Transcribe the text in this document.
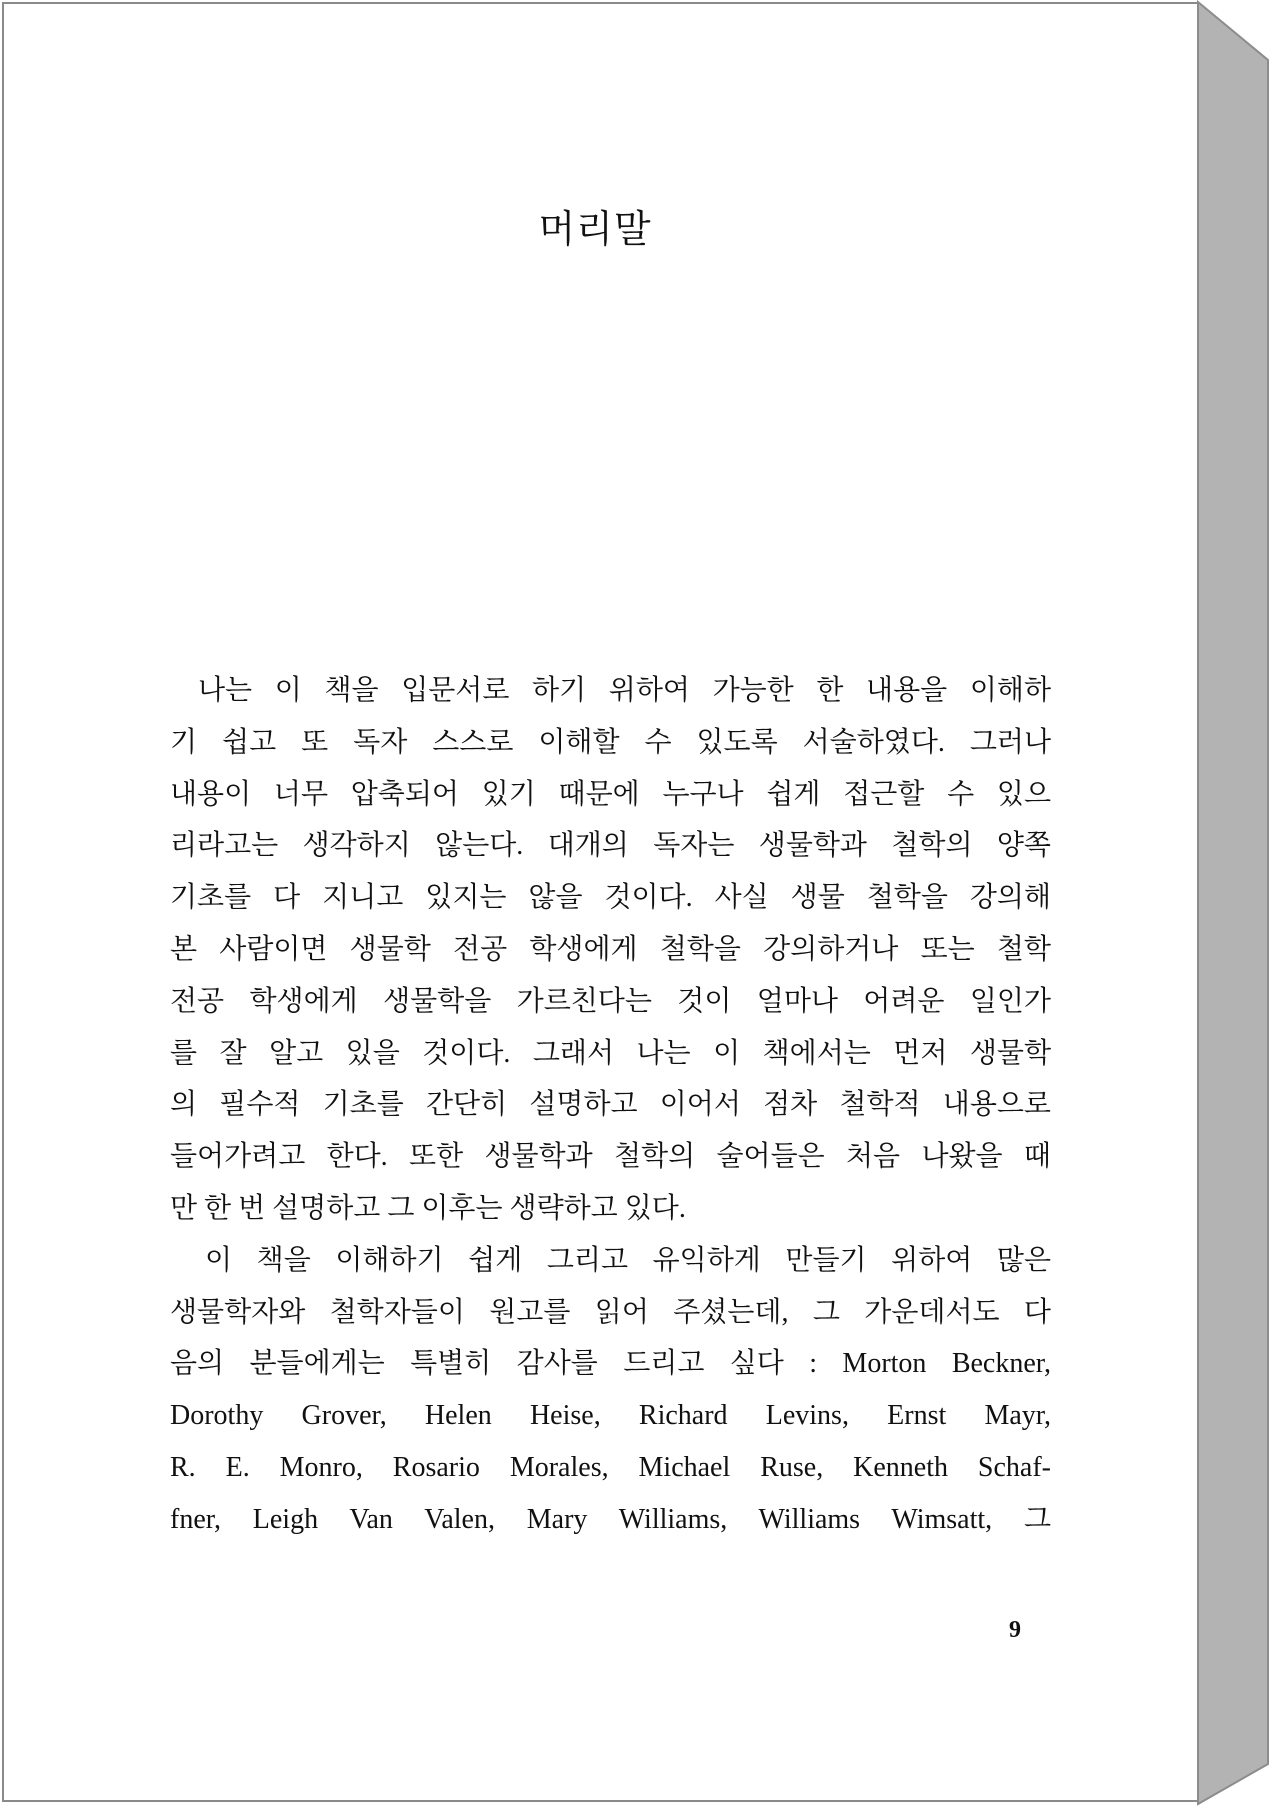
머리말
나는 이 책을 입문서로 하기 위하여 가능한 한 내용을 이해하
기 쉽고 또 독자 스스로 이해할 수 있도록 서술하였다. 그러나
내용이 너무 압축되어 있기 때문에 누구나 쉽게 접근할 수 있으
리라고는 생각하지 않는다. 대개의 독자는 생물학과 철학의 양쪽
기초를 다 지니고 있지는 않을 것이다. 사실 생물 철학을 강의해
본 사람이면 생물학 전공 학생에게 철학을 강의하거나 또는 철학
전공 학생에게 생물학을 가르친다는 것이 얼마나 어려운 일인가
를 잘 알고 있을 것이다. 그래서 나는 이 책에서는 먼저 생물학
의 필수적 기초를 간단히 설명하고 이어서 점차 철학적 내용으로
들어가려고 한다. 또한 생물학과 철학의 술어들은 처음 나왔을 때
만 한 번 설명하고 그 이후는 생략하고 있다.
이 책을 이해하기 쉽게 그리고 유익하게 만들기 위하여 많은
생물학자와 철학자들이 원고를 읽어 주셨는데, 그 가운데서도 다
음의 분들에게는 특별히 감사를 드리고 싶다 : Morton Beckner,
Dorothy Grover, Helen Heise, Richard Levins, Ernst Mayr,
R. E. Monro, Rosario Morales, Michael Ruse, Kenneth Schaf-
fner, Leigh Van Valen, Mary Williams, Williams Wimsatt, 그
9
